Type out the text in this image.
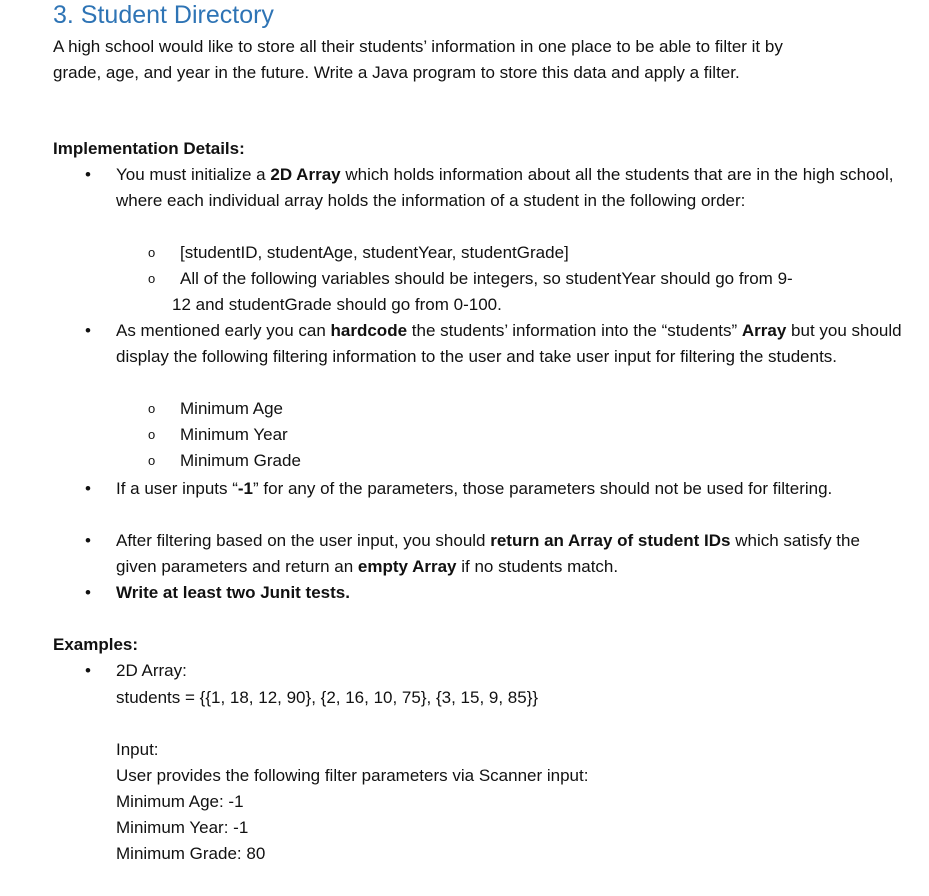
3. Student Directory

A high school would like to store all their students’ information in one place to be able to filter it by grade, age, and year in the future. Write a Java program to store this data and apply a filter.

Implementation Details:

• You must initialize a 2D Array which holds information about all the students that are in the high school, where each individual array holds the information of a student in the following order:

o [studentID, studentAge, studentYear, studentGrade]

o All of the following variables should be integers, so studentYear should go from 9-
12 and studentGrade should go from 0-100.

• As mentioned early you can hardcode the students’ information into the “students” Array but you should display the following filtering information to the user and take user input for filtering the students.

o Minimum Age

o Minimum Year

o Minimum Grade

• If a user inputs “-1” for any of the parameters, those parameters should not be used for filtering.

• After filtering based on the user input, you should return an Array of student IDs which satisfy the given parameters and return an empty Array if no students match.

• Write at least two Junit tests.

Examples:

• 2D Array:

students = {{1, 18, 12, 90}, {2, 16, 10, 75}, {3, 15, 9, 85}}

Input:

User provides the following filter parameters via Scanner input:

Minimum Age: -1

Minimum Year: -1

Minimum Grade: 80
